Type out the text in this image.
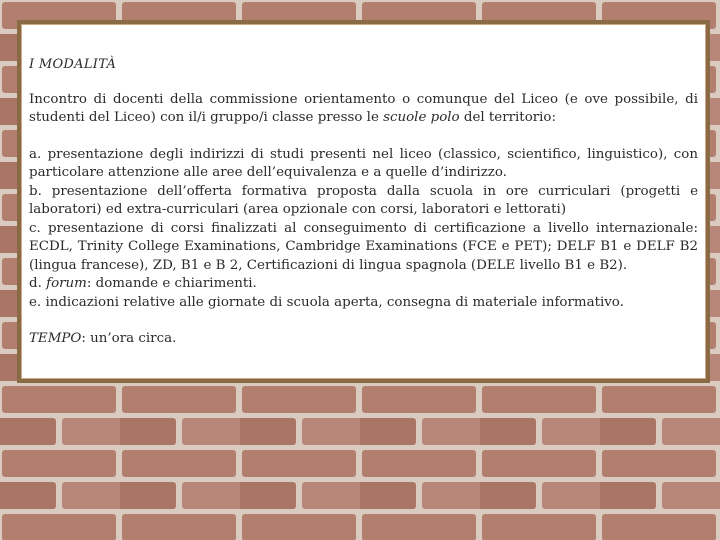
I MODALITÀ

Incontro di docenti della commissione orientamento o comunque del Liceo (e ove possibile, di studenti del Liceo) con il/i gruppo/i classe presso le scuole polo del territorio:

a. presentazione degli indirizzi di studi presenti nel liceo (classico, scientifico, linguistico), con particolare attenzione alle aree dell’equivalenza e a quelle d’indirizzo.

b. presentazione dell’offerta formativa proposta dalla scuola in ore curriculari (progetti e laboratori) ed extra-curriculari (area opzionale con corsi, laboratori e lettorati)

c. presentazione di corsi finalizzati al conseguimento di certificazione a livello internazionale: ECDL, Trinity College Examinations, Cambridge Examinations (FCE e PET); DELF B1 e DELF B2 (lingua francese), ZD, B1 e B 2, Certificazioni di lingua spagnola (DELE livello B1 e B2).

d. forum: domande e chiarimenti.

e. indicazioni relative alle giornate di scuola aperta, consegna di materiale informativo.

TEMPO: un’ora circa.
